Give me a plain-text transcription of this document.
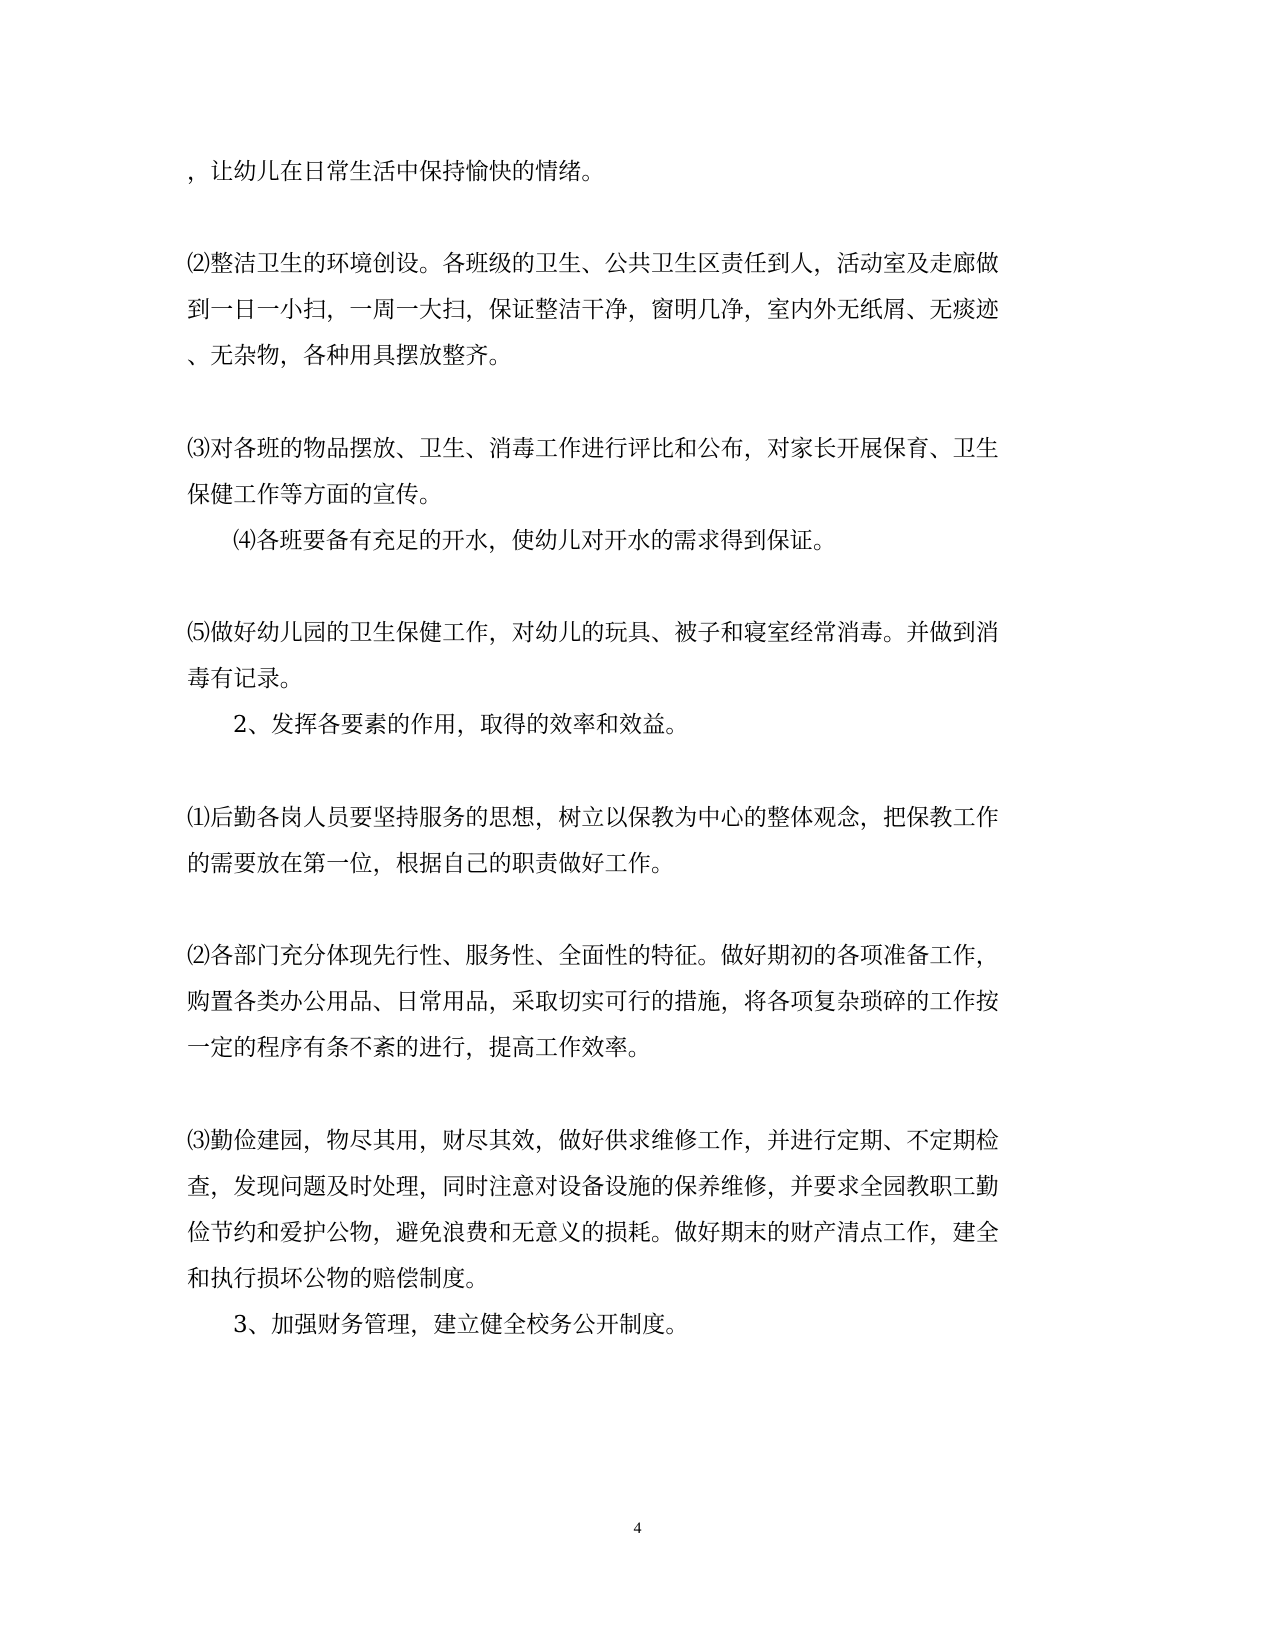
，让幼儿在日常生活中保持愉快的情绪。
⑵整洁卫生的环境创设。各班级的卫生、公共卫生区责任到人，活动室及走廊做
到一日一小扫，一周一大扫，保证整洁干净，窗明几净，室内外无纸屑、无痰迹
、无杂物，各种用具摆放整齐。
⑶对各班的物品摆放、卫生、消毒工作进行评比和公布，对家长开展保育、卫生
保健工作等方面的宣传。
⑷各班要备有充足的开水，使幼儿对开水的需求得到保证。
⑸做好幼儿园的卫生保健工作，对幼儿的玩具、被子和寝室经常消毒。并做到消
毒有记录。
2、发挥各要素的作用，取得的效率和效益。
⑴后勤各岗人员要坚持服务的思想，树立以保教为中心的整体观念，把保教工作
的需要放在第一位，根据自己的职责做好工作。
⑵各部门充分体现先行性、服务性、全面性的特征。做好期初的各项准备工作，
购置各类办公用品、日常用品，采取切实可行的措施，将各项复杂琐碎的工作按
一定的程序有条不紊的进行，提高工作效率。
⑶勤俭建园，物尽其用，财尽其效，做好供求维修工作，并进行定期、不定期检
查，发现问题及时处理，同时注意对设备设施的保养维修，并要求全园教职工勤
俭节约和爱护公物，避免浪费和无意义的损耗。做好期末的财产清点工作，建全
和执行损坏公物的赔偿制度。
3、加强财务管理，建立健全校务公开制度。
4
